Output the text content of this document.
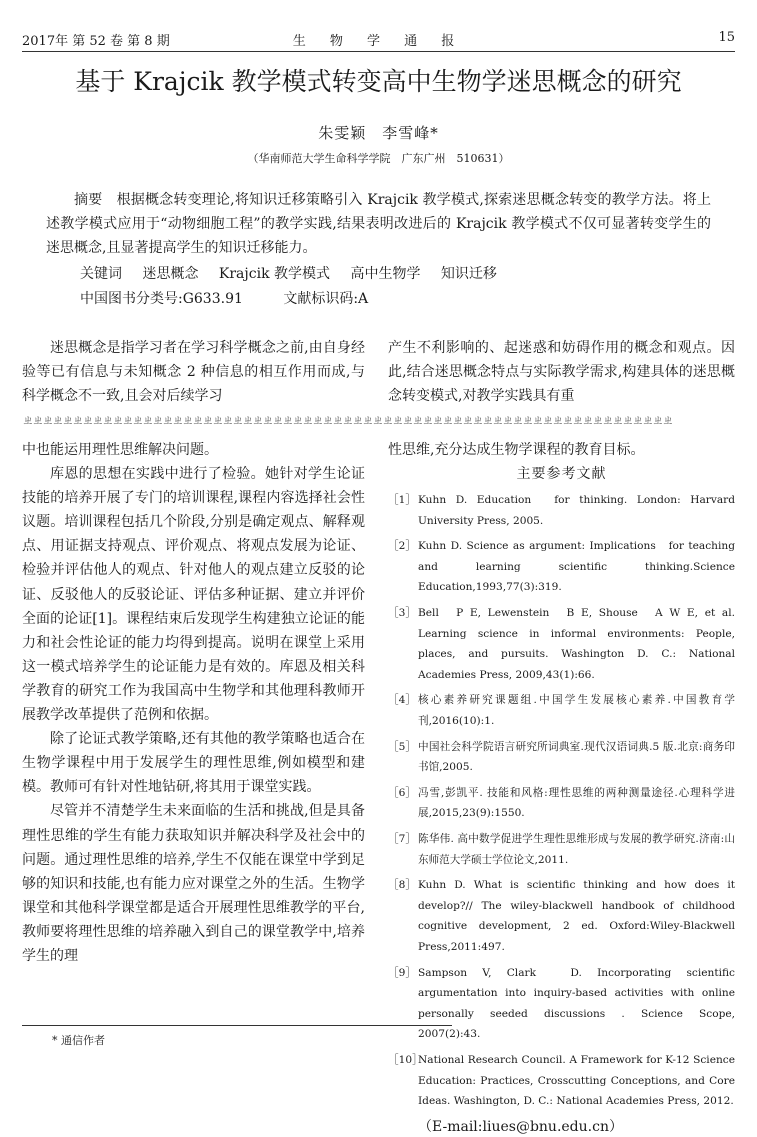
2017年 第 52 卷 第 8 期	生 物 学 通 报	15
基于 Krajcik 教学模式转变高中生物学迷思概念的研究
朱雯颖　李雪峰*
（华南师范大学生命科学学院　广东广州　510631）

摘要　根据概念转变理论,将知识迁移策略引入 Krajcik 教学模式,探索迷思概念转变的教学方法。将上述教学模式应用于“动物细胞工程”的教学实践,结果表明改进后的 Krajcik 教学模式不仅可显著转变学生的迷思概念,且显著提高学生的知识迁移能力。

关键词 迷思概念 Krajcik 教学模式 高中生物学 知识迁移
中国图书分类号:G633.91	文献标识码:A

迷思概念是指学习者在学习科学概念之前,由自身经验等已有信息与未知概念 2 种信息的相互作用而成,与科学概念不一致,且会对后续学习

产生不利影响的、起迷惑和妨碍作用的概念和观点。因此,结合迷思概念特点与实际教学需求,构建具体的迷思概念转变模式,对教学实践具有重

ㄓㄓㄓㄓㄓㄓㄓㄓㄓㄓㄓㄓㄓㄓㄓㄓㄓㄓㄓㄓㄓㄓㄓㄓㄓㄓㄓㄓㄓㄓㄓㄓㄓㄓㄓㄓㄓㄓㄓㄓㄓㄓㄓㄓㄓㄓㄓㄓㄓㄓㄓㄓㄓㄓㄓㄓㄓㄓㄓㄓㄓㄓㄓㄓㄓ

中也能运用理性思维解决问题。

库恩的思想在实践中进行了检验。她针对学生论证技能的培养开展了专门的培训课程,课程内容选择社会性议题。培训课程包括几个阶段,分别是确定观点、解释观点、用证据支持观点、评价观点、将观点发展为论证、检验并评估他人的观点、针对他人的观点建立反驳的论证、反驳他人的反驳论证、评估多种证据、建立并评价全面的论证[1]。课程结束后发现学生构建独立论证的能力和社会性论证的能力均得到提高。说明在课堂上采用这一模式培养学生的论证能力是有效的。库恩及相关科学教育的研究工作为我国高中生物学和其他理科教师开展教学改革提供了范例和依据。

除了论证式教学策略,还有其他的教学策略也适合在生物学课程中用于发展学生的理性思维,例如模型和建模。教师可有针对性地钻研,将其用于课堂实践。

尽管并不清楚学生未来面临的生活和挑战,但是具备理性思维的学生有能力获取知识并解决科学及社会中的问题。通过理性思维的培养,学生不仅能在课堂中学到足够的知识和技能,也有能力应对课堂之外的生活。生物学课堂和其他科学课堂都是适合开展理性思维教学的平台,教师要将理性思维的培养融入到自己的课堂教学中,培养学生的理

性思维,充分达成生物学课程的教育目标。

主要参考文献
［1］ Kuhn D. Education　for thinking. London: Harvard　University Press, 2005.
［2］ Kuhn D. Science as argument: Implications　for teaching　and learning scientific thinking.Science Education,1993,77(3):319.
［3］ Bell　P E, Lewenstein　B E, Shouse　A W E, et al. Learning science in informal environments: People, places, and pursuits. Washington D. C.: National Academies Press, 2009,43(1):66.
［4］ 核心素养研究课题组.中国学生发展核心素养.中国教育学刊,2016(10):1.
［5］ 中国社会科学院语言研究所词典室.现代汉语词典.5 版.北京:商务印书馆,2005.
［6］ 冯雪,彭凯平. 技能和风格:理性思维的两种测量途径.心理科学进展,2015,23(9):1550.
［7］ 陈华伟. 高中数学促进学生理性思维形成与发展的教学研究.济南:山东师范大学硕士学位论文,2011.
［8］ Kuhn D. What is scientific thinking and how does it develop?// The wiley-blackwell handbook of childhood cognitive development, 2 ed. Oxford:Wiley-Blackwell Press,2011:497.
［9］ Sampson V, Clark　D. Incorporating scientific argumentation into inquiry-based activities with online personally seeded discussions . Science Scope, 2007(2):43.
［10］
National Research Council. A Framework for K-12 Science Education: Practices, Crosscutting Conceptions, and Core Ideas. Washington, D. C.: National Academies Press, 2012.
（E-mail:liues@bnu.edu.cn）
* 通信作者
